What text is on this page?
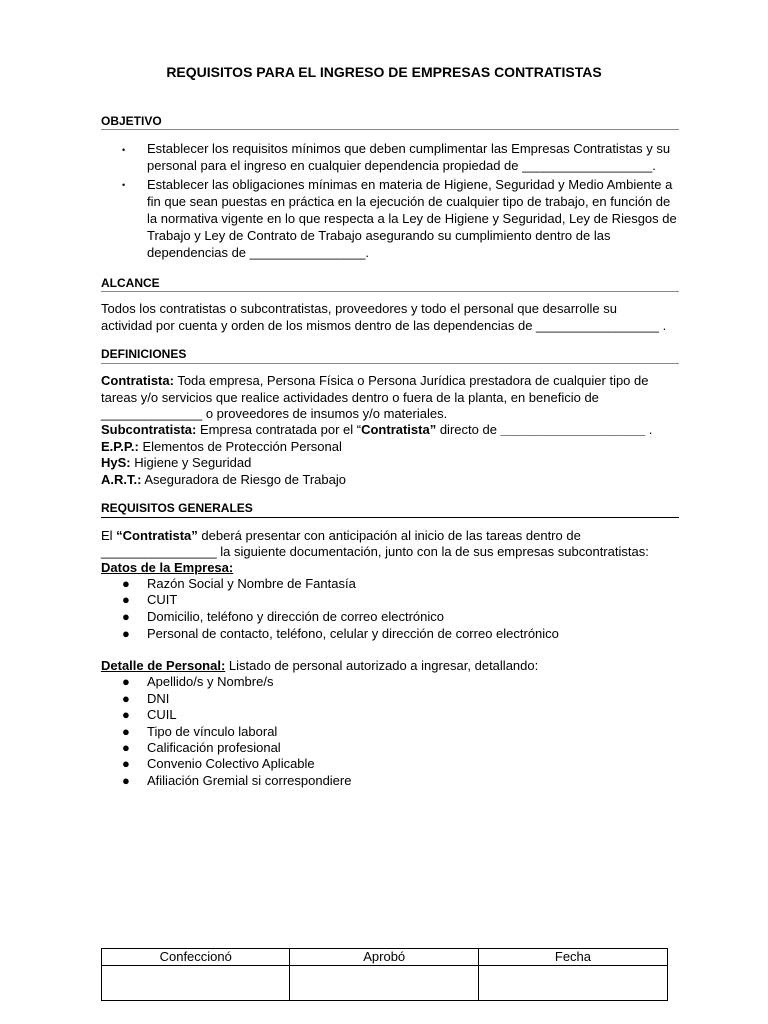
REQUISITOS PARA EL INGRESO DE EMPRESAS CONTRATISTAS
OBJETIVO
• Establecer los requisitos mínimos que deben cumplimentar las Empresas Contratistas y su personal para el ingreso en cualquier dependencia propiedad de __________________.
• Establecer las obligaciones mínimas en materia de Higiene, Seguridad y Medio Ambiente a fin que sean puestas en práctica en la ejecución de cualquier tipo de trabajo, en función de la normativa vigente en lo que respecta a la Ley de Higiene y Seguridad, Ley de Riesgos de Trabajo y Ley de Contrato de Trabajo asegurando su cumplimiento dentro de las dependencias de ________________.
ALCANCE
Todos los contratistas o subcontratistas, proveedores y todo el personal que desarrolle su actividad por cuenta y orden de los mismos dentro de las dependencias de _________________ .
DEFINICIONES
Contratista: Toda empresa, Persona Física o Persona Jurídica prestadora de cualquier tipo de tareas y/o servicios que realice actividades dentro o fuera de la planta, en beneficio de ______________ o proveedores de insumos y/o materiales.
Subcontratista: Empresa contratada por el “Contratista” directo de ____________________ .
E.P.P.: Elementos de Protección Personal
HyS: Higiene y Seguridad
A.R.T.: Aseguradora de Riesgo de Trabajo
REQUISITOS GENERALES
El “Contratista” deberá presentar con anticipación al inicio de las tareas dentro de
________________ la siguiente documentación, junto con la de sus empresas subcontratistas:
Datos de la Empresa:
● Razón Social y Nombre de Fantasía
● CUIT
● Domicilio, teléfono y dirección de correo electrónico
● Personal de contacto, teléfono, celular y dirección de correo electrónico
Detalle de Personal: Listado de personal autorizado a ingresar, detallando:
● Apellido/s y Nombre/s
● DNI
● CUIL
● Tipo de vínculo laboral
● Calificación profesional
● Convenio Colectivo Aplicable
● Afiliación Gremial si correspondiere
Confeccionó	Aprobó	Fecha
